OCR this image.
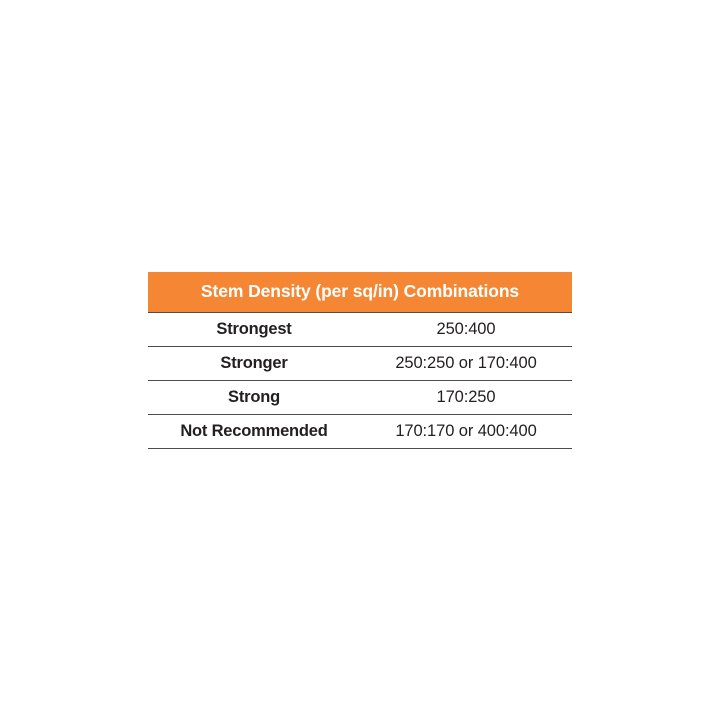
Stem Density (per sq/in) Combinations	
Strongest	250:400
Stronger	250:250 or 170:400
Strong	170:250
Not Recommended	170:170 or 400:400
